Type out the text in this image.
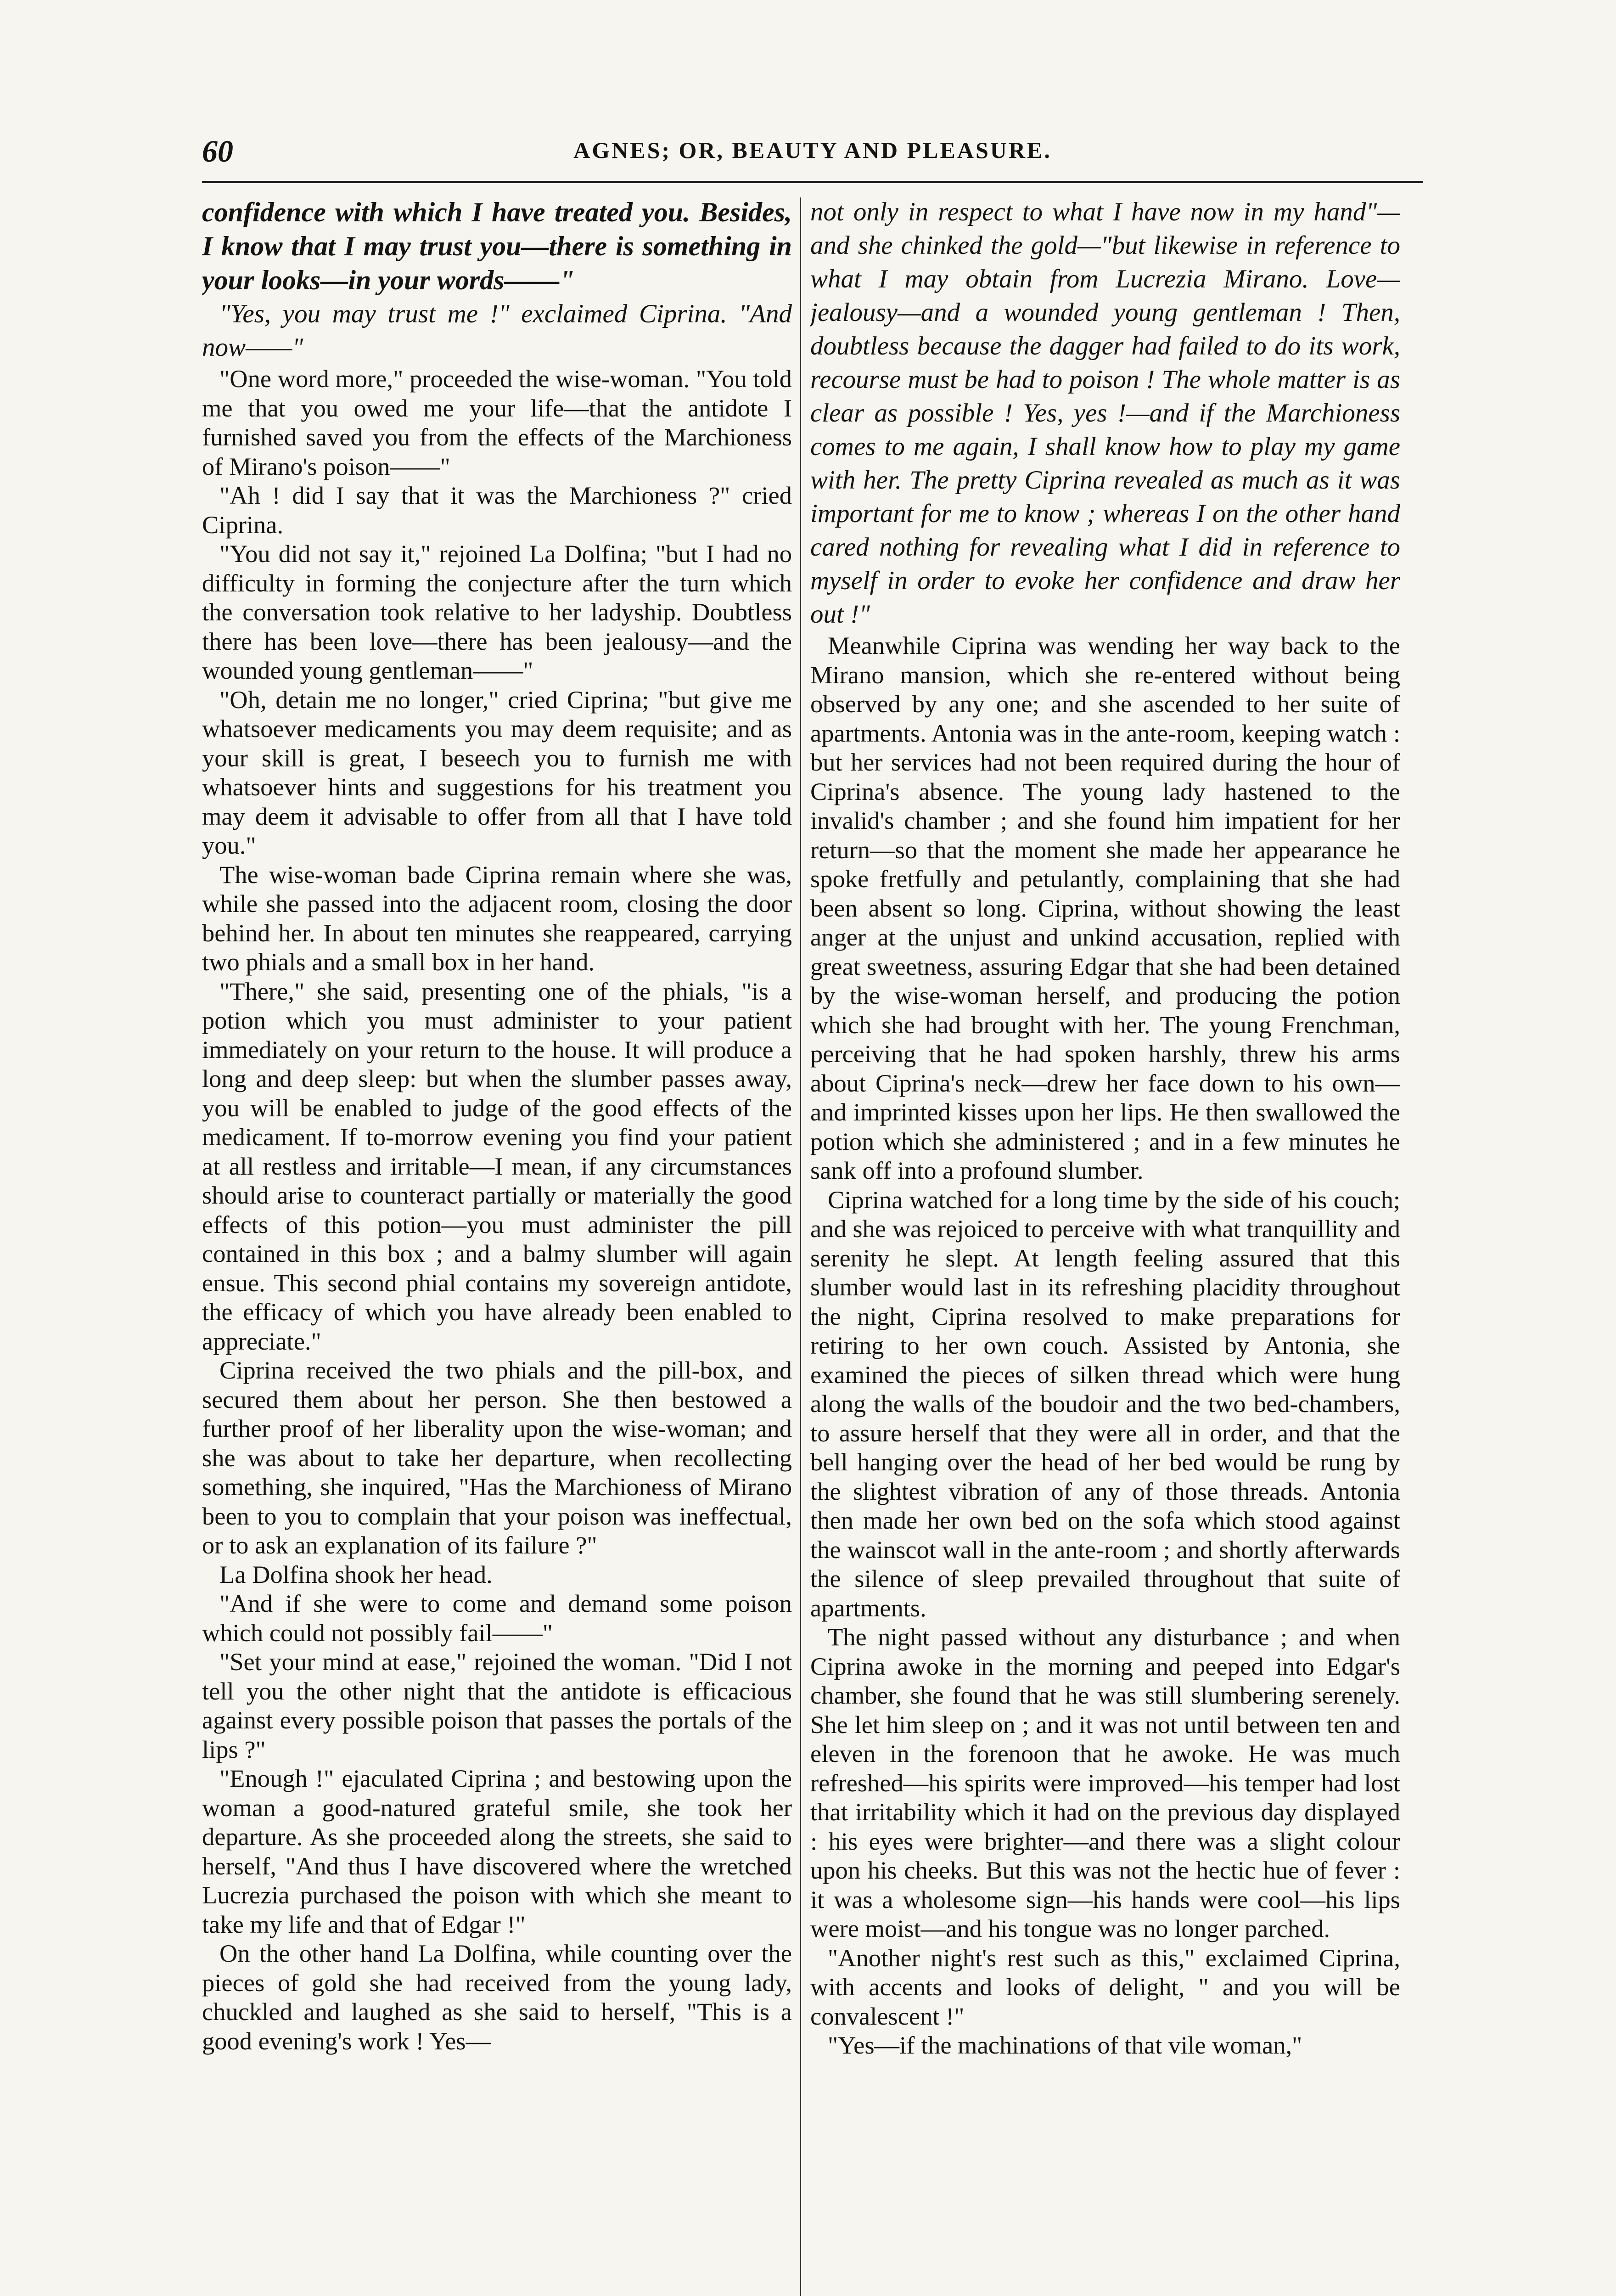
60	AGNES; OR, BEAUTY AND PLEASURE.

confidence with which I have treated you. Besides, I know that I may trust you—there is something in your looks—in your words——"

"Yes, you may trust me !" exclaimed Ciprina. "And now——"

"One word more," proceeded the wise-woman. "You told me that you owed me your life—that the antidote I furnished saved you from the effects of the Marchioness of Mirano's poison——"

"Ah ! did I say that it was the Marchioness ?" cried Ciprina.

"You did not say it," rejoined La Dolfina; "but I had no difficulty in forming the conjecture after the turn which the conversation took relative to her ladyship. Doubtless there has been love—there has been jealousy—and the wounded young gentleman——"

"Oh, detain me no longer," cried Ciprina; "but give me whatsoever medicaments you may deem requisite; and as your skill is great, I beseech you to furnish me with whatsoever hints and suggestions for his treatment you may deem it advisable to offer from all that I have told you."

The wise-woman bade Ciprina remain where she was, while she passed into the adjacent room, closing the door behind her. In about ten minutes she reappeared, carrying two phials and a small box in her hand.

"There," she said, presenting one of the phials, "is a potion which you must administer to your patient immediately on your return to the house. It will produce a long and deep sleep: but when the slumber passes away, you will be enabled to judge of the good effects of the medicament. If to-morrow evening you find your patient at all restless and irritable—I mean, if any circumstances should arise to counteract partially or materially the good effects of this potion—you must administer the pill contained in this box ; and a balmy slumber will again ensue. This second phial contains my sovereign antidote, the efficacy of which you have already been enabled to appreciate."

Ciprina received the two phials and the pill-box, and secured them about her person. She then bestowed a further proof of her liberality upon the wise-woman; and she was about to take her departure, when recollecting something, she inquired, "Has the Marchioness of Mirano been to you to complain that your poison was ineffectual, or to ask an explanation of its failure ?"

La Dolfina shook her head.

"And if she were to come and demand some poison which could not possibly fail——"

"Set your mind at ease," rejoined the woman. "Did I not tell you the other night that the antidote is efficacious against every possible poison that passes the portals of the lips ?"

"Enough !" ejaculated Ciprina ; and bestowing upon the woman a good-natured grateful smile, she took her departure. As she proceeded along the streets, she said to herself, "And thus I have discovered where the wretched Lucrezia purchased the poison with which she meant to take my life and that of Edgar !"

On the other hand La Dolfina, while counting over the pieces of gold she had received from the young lady, chuckled and laughed as she said to herself, "This is a good evening's work ! Yes—

not only in respect to what I have now in my hand"—and she chinked the gold—"but likewise in reference to what I may obtain from Lucrezia Mirano. Love—jealousy—and a wounded young gentleman ! Then, doubtless because the dagger had failed to do its work, recourse must be had to poison ! The whole matter is as clear as possible ! Yes, yes !—and if the Marchioness comes to me again, I shall know how to play my game with her. The pretty Ciprina revealed as much as it was important for me to know ; whereas I on the other hand cared nothing for revealing what I did in reference to myself in order to evoke her confidence and draw her out !"

Meanwhile Ciprina was wending her way back to the Mirano mansion, which she re-entered without being observed by any one; and she ascended to her suite of apartments. Antonia was in the ante-room, keeping watch : but her services had not been required during the hour of Ciprina's absence. The young lady hastened to the invalid's chamber ; and she found him impatient for her return—so that the moment she made her appearance he spoke fretfully and petulantly, complaining that she had been absent so long. Ciprina, without showing the least anger at the unjust and unkind accusation, replied with great sweetness, assuring Edgar that she had been detained by the wise-woman herself, and producing the potion which she had brought with her. The young Frenchman, perceiving that he had spoken harshly, threw his arms about Ciprina's neck—drew her face down to his own—and imprinted kisses upon her lips. He then swallowed the potion which she administered ; and in a few minutes he sank off into a profound slumber.

Ciprina watched for a long time by the side of his couch; and she was rejoiced to perceive with what tranquillity and serenity he slept. At length feeling assured that this slumber would last in its refreshing placidity throughout the night, Ciprina resolved to make preparations for retiring to her own couch. Assisted by Antonia, she examined the pieces of silken thread which were hung along the walls of the boudoir and the two bed-chambers, to assure herself that they were all in order, and that the bell hanging over the head of her bed would be rung by the slightest vibration of any of those threads. Antonia then made her own bed on the sofa which stood against the wainscot wall in the ante-room ; and shortly afterwards the silence of sleep prevailed throughout that suite of apartments.

The night passed without any disturbance ; and when Ciprina awoke in the morning and peeped into Edgar's chamber, she found that he was still slumbering serenely. She let him sleep on ; and it was not until between ten and eleven in the forenoon that he awoke. He was much refreshed—his spirits were improved—his temper had lost that irritability which it had on the previous day displayed : his eyes were brighter—and there was a slight colour upon his cheeks. But this was not the hectic hue of fever : it was a wholesome sign—his hands were cool—his lips were moist—and his tongue was no longer parched.

"Another night's rest such as this," exclaimed Ciprina, with accents and looks of delight, " and you will be convalescent !"

"Yes—if the machinations of that vile woman,"
